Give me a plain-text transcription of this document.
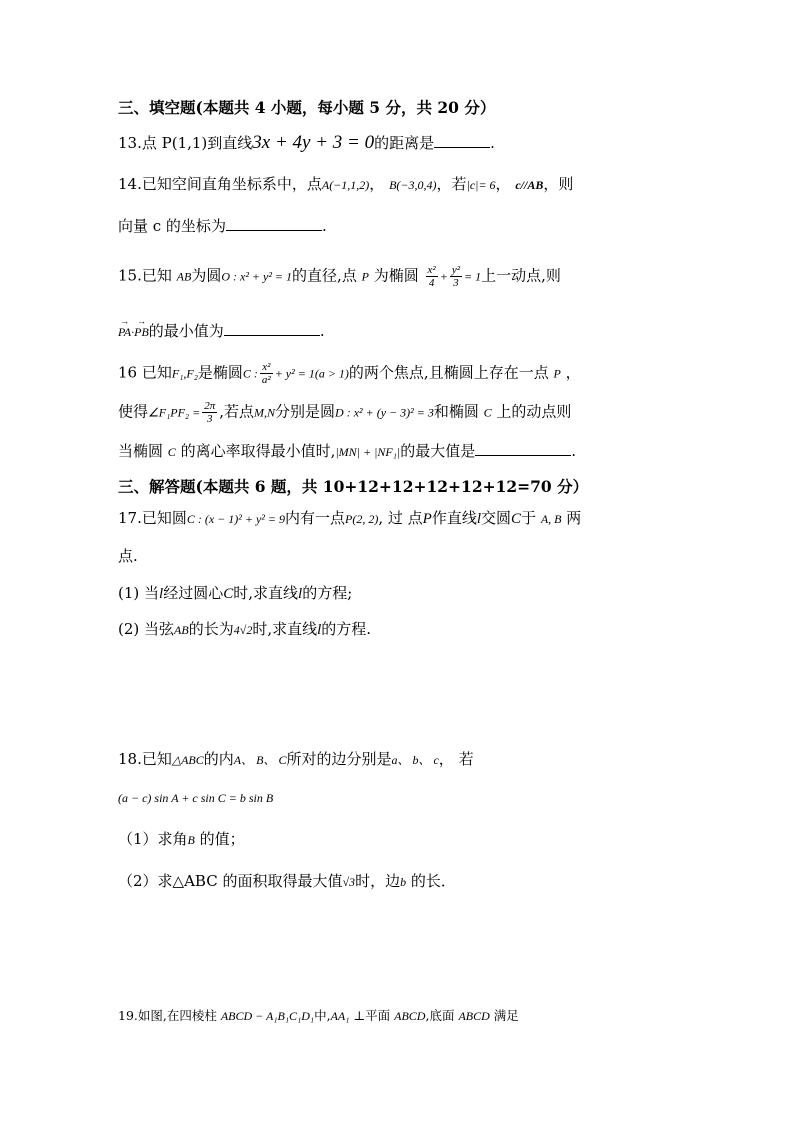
三、填空题(本题共 4 小题，每小题 5 分，共 20 分）
13.点 P(1,1)到直线3x + 4y + 3 = 0的距离是	.
14.已知空间直角坐标系中，点A(−1,1,2)， B(−3,0,4)，若|c|= 6， c//AB，则
向量 c 的坐标为	.
15.已知 AB为圆O : x² + y² = 1的直径,点 P 为椭圆 $\frac{\text{x²}}{4} + \frac{\text{y²}}{3} = 1$上一动点,则
→ PA·→ PB的最小值为	.
16 已知F₁,F₂是椭圆C : $\frac{\text{x²}}{\text{a²}} + y^2 = 1(a > 1)$的两个焦点,且椭圆上存在一点 P ，
使得∠F₁PF₂ = $\frac{2\pi}{3}$ ,若点M,N分别是圆D : x² + (y − 3)² = 3和椭圆 C 上的动点则
当椭圆 C 的离心率取得最小值时,|MN| + |NF₁|的最大值是	.
三、解答题(本题共 6 题，共 10+12+12+12+12+12=70 分）
17.已知圆C : (x − 1)² + y² = 9内有一点P(2, 2), 过 点P作直线l交圆C于 A, B 两
点.
(1) 当l经过圆心C时,求直线l的方程;
(2) 当弦AB的长为4√2时,求直线l的方程.
18.已知△ABC的内A、 B、 C所对的边分别是a、 b、 c， 若
(a − c) sin A + c sin C = b sin B
（1）求角B 的值；
（2）求△ABC 的面积取得最大值√3时，边b 的长．
19.如图,在四棱柱 ABCD − A₁B₁C₁D₁中,AA₁ ⊥平面 ABCD,底面 ABCD 满足
